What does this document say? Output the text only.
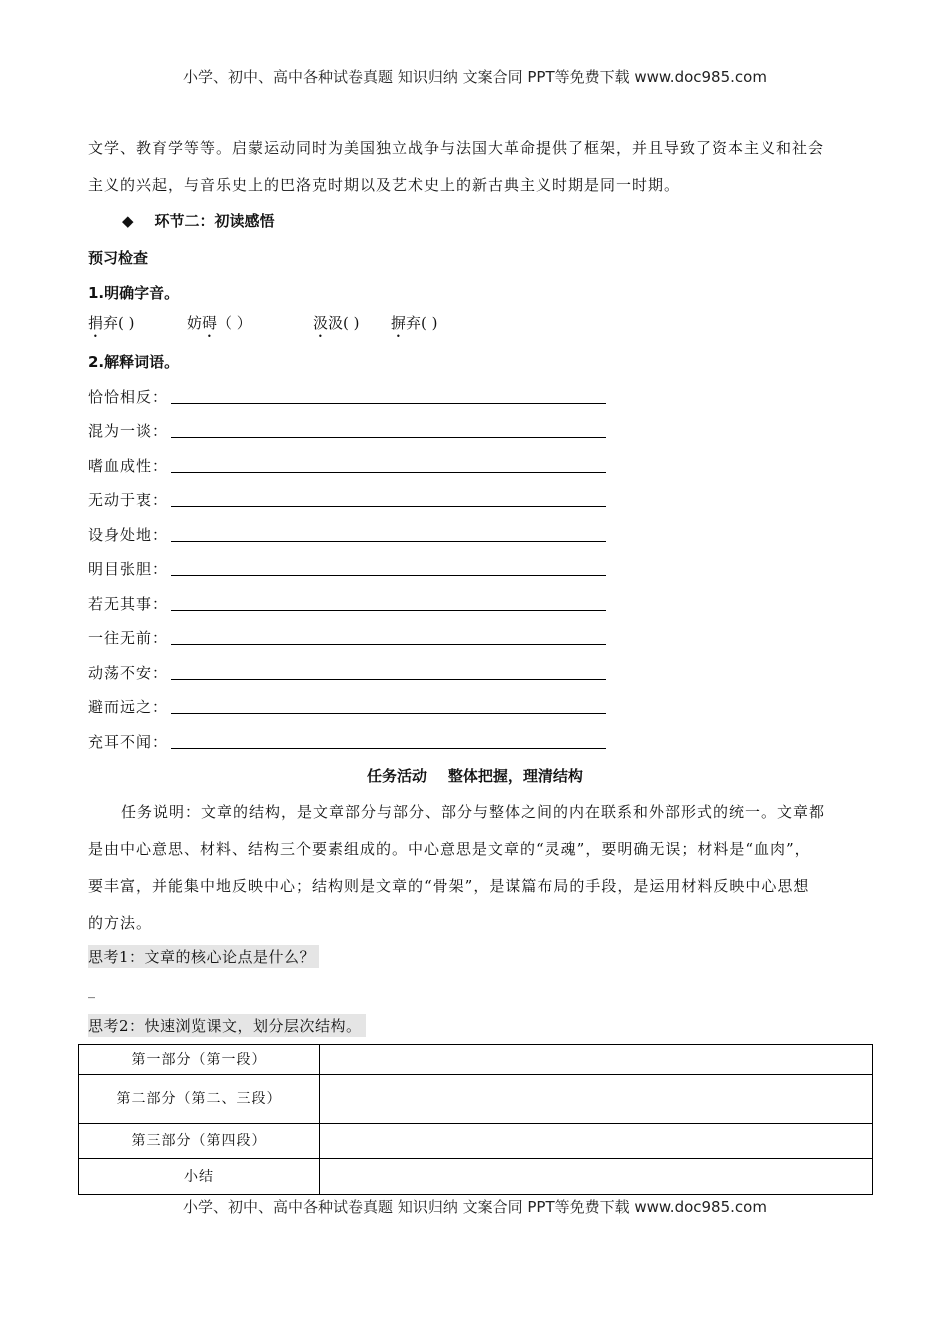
小学、初中、高中各种试卷真题 知识归纳 文案合同 PPT等免费下载 www.doc985.com
文学、教育学等等。启蒙运动同时为美国独立战争与法国大革命提供了框架，并且导致了资本主义和社会
主义的兴起，与音乐史上的巴洛克时期以及艺术史上的新古典主义时期是同一时期。
◆ 环节二：初读感悟
预习检查
1.明确字音。
捐弃( )	妨碍（ ）	汲汲( ) 摒弃( )
2.解释词语。
恰恰相反：
混为一谈：
嗜血成性：
无动于衷：
设身处地：
明目张胆：
若无其事：
一往无前：
动荡不安：
避而远之：
充耳不闻：
任务活动    整体把握，理清结构
任务说明：文章的结构，是文章部分与部分、部分与整体之间的内在联系和外部形式的统一。文章都
是由中心意思、材料、结构三个要素组成的。中心意思是文章的“灵魂”，要明确无误；材料是“血肉”，
要丰富，并能集中地反映中心；结构则是文章的“骨架”，是谋篇布局的手段，是运用材料反映中心思想
的方法。
思考1：文章的核心论点是什么？
_
思考2：快速浏览课文，划分层次结构。
第一部分（第一段）	
第二部分（第二、三段）	
第三部分（第四段）	
小结	
小学、初中、高中各种试卷真题 知识归纳 文案合同 PPT等免费下载 www.doc985.com
